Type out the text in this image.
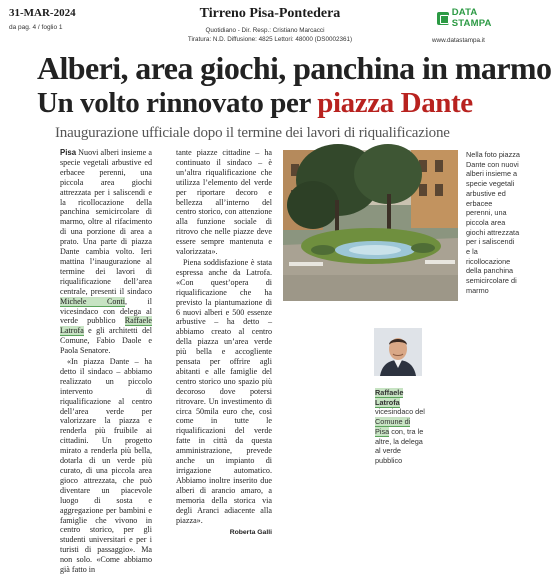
31-MAR-2024
da pag. 4 / foglio 1
Tirreno Pisa-Pontedera
Quotidiano - Dir. Resp.: Cristiano Marcacci
Tiratura: N.D. Diffusione: 4825 Lettori: 48000 (DS0002361)
DATA STAMPA
www.datastampa.it
Alberi, area giochi, panchina in marmo
Un volto rinnovato per piazza Dante
Inaugurazione ufficiale dopo il termine dei lavori di riqualificazione

Pisa Nuovi alberi insieme a specie vegetali arbustive ed erbacee perenni, una piccola area giochi attrezzata per i saliscendi e la ricollocazione della panchina semicircolare di marmo, oltre al rifacimento di una porzione di area a prato. Una parte di piazza Dante cambia volto. Ieri mattina l’inaugurazione al termine dei lavori di riqualificazione dell’area centrale, presenti il sindaco Michele Conti, il vicesindaco con delega al verde pubblico Raffaele Latrofa e gli architetti del Comune, Fabio Daole e Paola Senatore.

«In piazza Dante – ha detto il sindaco – abbiamo realizzato un piccolo intervento di riqualificazione al centro dell’area verde per valorizzare la piazza e renderla più fruibile ai cittadini. Un progetto mirato a renderla più bella, dotarla di un verde più curato, di una piccola area gioco attrezzata, che può diventare un piacevole luogo di sosta e aggregazione per bambini e famiglie che vivono in centro storico, per gli studenti universitari e per i turisti di passaggio». Ma non solo. «Come abbiamo già fatto in

tante piazze cittadine – ha continuato il sindaco – è un’altra riqualificazione che utilizza l’elemento del verde per riportare decoro e bellezza all’interno del centro storico, con attenzione alla funzione sociale di ritrovo che nelle piazze deve essere sempre mantenuta e valorizzata».

Piena soddisfazione è stata espressa anche da Latrofa. «Con quest’opera di riqualificazione che ha previsto la piantumazione di 6 nuovi alberi e 500 essenze arbustive – ha detto – abbiamo creato al centro della piazza un’area verde più bella e accogliente pensata per offrire agli abitanti e alle famiglie del centro storico uno spazio più decoroso dove potersi ritrovare. Un investimento di circa 50mila euro che, così come in tutte le riqualificazioni del verde fatte in città da questa amministrazione, prevede anche un impianto di irrigazione automatico. Abbiamo inoltre inserito due alberi di arancio amaro, a memoria della storica via degli Aranci adiacente alla piazza».

Roberta Galli

Nella foto piazza Dante con nuovi alberi insieme a specie vegetali arbustive ed erbacee perenni, una piccola area giochi attrezzata per i saliscendi e la ricollocazione della panchina semicircolare di marmo
Raffaele Latrofa vicesindaco del Comune di Pisa con, tra le altre, la delega al verde pubblico
